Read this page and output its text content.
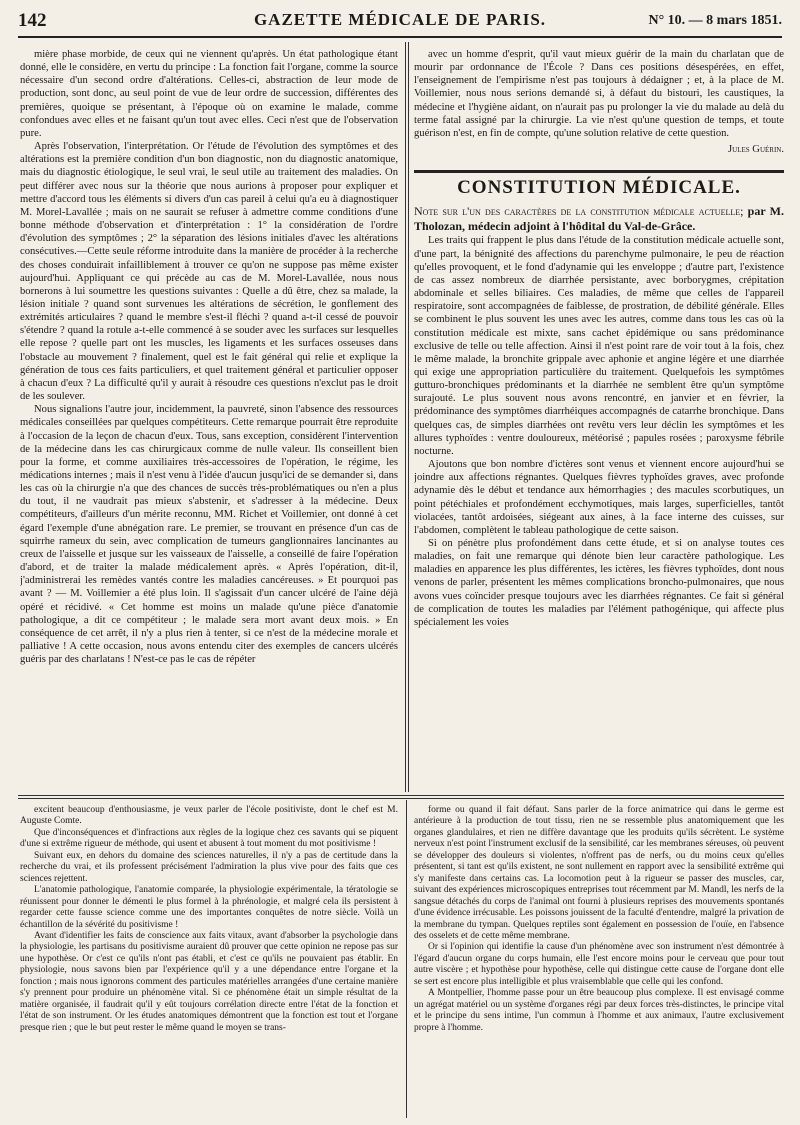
142	GAZETTE MÉDICALE DE PARIS.	N° 10. — 8 mars 1851.

mière phase morbide, de ceux qui ne viennent qu'après. Un état pathologique étant donné, elle le considère, en vertu du principe : La fonction fait l'organe, comme la source nécessaire d'un second ordre d'altérations. Celles-ci, abstraction de leur mode de production, sont donc, au seul point de vue de leur ordre de succession, différentes des premières, quoique se présentant, à l'époque où on examine le malade, comme confondues avec elles et ne faisant qu'un tout avec elles. Ceci n'est que de l'observation pure.

Après l'observation, l'interprétation. Or l'étude de l'évolution des symptômes et des altérations est la première condition d'un bon diagnostic, non du diagnostic anatomique, mais du diagnostic étiologique, le seul vrai, le seul utile au traitement des maladies. On peut différer avec nous sur la théorie que nous aurions à proposer pour expliquer et mettre d'accord tous les éléments si divers d'un cas pareil à celui qu'a eu à diagnostiquer M. Morel-Lavallée ; mais on ne saurait se refuser à admettre comme conditions d'une bonne méthode d'observation et d'interprétation : 1° la considération de l'ordre d'évolution des symptômes ; 2° la séparation des lésions initiales d'avec les altérations consécutives.—Cette seule réforme introduite dans la manière de procéder à la recherche des choses conduirait infailliblement à trouver ce qu'on ne suppose pas même exister aujourd'hui. Appliquant ce qui précède au cas de M. Morel-Lavallée, nous nous bornerons à lui soumettre les questions suivantes : Quelle a dû être, chez sa malade, la lésion initiale ? quand sont survenues les altérations de sécrétion, le gonflement des extrémités articulaires ? quand le membre s'est-il fléchi ? quand a-t-il cessé de pouvoir s'étendre ? quand la rotule a-t-elle commencé à se souder avec les surfaces sur lesquelles elle repose ? quelle part ont les muscles, les ligaments et les surfaces osseuses dans l'obstacle au mouvement ? finalement, quel est le fait général qui relie et explique la génération de tous ces faits particuliers, et quel traitement général et particulier opposer à chacun d'eux ? La difficulté qu'il y aurait à résoudre ces questions n'exclut pas le droit de les soulever.

Nous signalions l'autre jour, incidemment, la pauvreté, sinon l'absence des ressources médicales conseillées par quelques compétiteurs. Cette remarque pourrait être reproduite à l'occasion de la leçon de chacun d'eux. Tous, sans exception, considèrent l'intervention de la médecine dans les cas chirurgicaux comme de nulle valeur. Ils conseillent bien pour la forme, et comme auxiliaires très-accessoires de l'opération, le régime, les médications internes ; mais il n'est venu à l'idée d'aucun jusqu'ici de se demander si, dans les cas où la chirurgie n'a que des chances de succès très-problématiques ou n'en a plus du tout, il ne vaudrait pas mieux s'abstenir, et s'adresser à la médecine. Deux compétiteurs, d'ailleurs d'un mérite reconnu, MM. Richet et Voillemier, ont donné à cet égard l'exemple d'une abnégation rare. Le premier, se trouvant en présence d'un cas de squirrhe rameux du sein, avec complication de tumeurs ganglionnaires lancinantes au creux de l'aisselle et jusque sur les vaisseaux de l'aisselle, a conseillé de faire l'opération d'abord, et de traiter la malade médicalement après. « Après l'opération, dit-il, j'administrerai les remèdes vantés contre les maladies cancéreuses. » Et pourquoi pas avant ? — M. Voillemier a été plus loin. Il s'agissait d'un cancer ulcéré de l'aine déjà opéré et récidivé. « Cet homme est moins un malade qu'une pièce d'anatomie pathologique, a dit ce compétiteur ; le malade sera mort avant deux mois. » En conséquence de cet arrêt, il n'y a plus rien à tenter, si ce n'est de la médecine morale et palliative ! A cette occasion, nous avons entendu citer des exemples de cancers ulcérés guéris par des charlatans ! N'est-ce pas le cas de répéter

avec un homme d'esprit, qu'il vaut mieux guérir de la main du charlatan que de mourir par ordonnance de l'École ? Dans ces positions désespérées, en effet, l'enseignement de l'empirisme n'est pas toujours à dédaigner ; et, à la place de M. Voillemier, nous nous serions demandé si, à défaut du bistouri, les caustiques, la médecine et l'hygiène aidant, on n'aurait pas pu prolonger la vie du malade au delà du terme fatal assigné par la chirurgie. La vie n'est qu'une question de temps, et toute guérison n'est, en fin de compte, qu'une solution relative de cette question.

Jules Guérin.
CONSTITUTION MÉDICALE.

Note sur l'un des caractères de la constitution médicale actuelle; par M. Tholozan, médecin adjoint à l'hôdital du Val-de-Grâce.

Les traits qui frappent le plus dans l'étude de la constitution médicale actuelle sont, d'une part, la bénignité des affections du parenchyme pulmonaire, le peu de réaction qu'elles provoquent, et le fond d'adynamie qui les enveloppe ; d'autre part, l'existence de cas assez nombreux de diarrhée persistante, avec borborygmes, crépitation abdominale et selles biliaires. Ces maladies, de même que celles de l'appareil respiratoire, sont accompagnées de faiblesse, de prostration, de débilité générale. Elles se combinent le plus souvent les unes avec les autres, comme dans tous les cas où la constitution médicale est mixte, sans cachet épidémique ou sans prédominance exclusive de telle ou telle affection. Ainsi il n'est point rare de voir tout à la fois, chez le même malade, la bronchite grippale avec aphonie et angine légère et une diarrhée qui exige une appropriation particulière du traitement. Quelquefois les symptômes gutturo-bronchiques prédominants et la diarrhée ne semblent être qu'un symptôme surajouté. Le plus souvent nous avons rencontré, en janvier et en février, la prédominance des symptômes diarrhéiques accompagnés de catarrhe bronchique. Dans quelques cas, de simples diarrhées ont revêtu vers leur déclin les symptômes et les allures typhoïdes : ventre douloureux, météorisé ; papules rosées ; paroxysme fébrile nocturne.

Ajoutons que bon nombre d'ictères sont venus et viennent encore aujourd'hui se joindre aux affections régnantes. Quelques fièvres typhoïdes graves, avec profonde adynamie dès le début et tendance aux hémorrhagies ; des macules scorbutiques, un point pétéchiales et profondément ecchymotiques, mais larges, superficielles, tantôt violacées, tantôt ardoisées, siégeant aux aines, à la face interne des cuisses, sur l'abdomen, complètent le tableau pathologique de cette saison.

Si on pénètre plus profondément dans cette étude, et si on analyse toutes ces maladies, on fait une remarque qui dénote bien leur caractère pathologique. Les maladies en apparence les plus différentes, les ictères, les fièvres typhoïdes, dont nous venons de parler, présentent les mêmes complications broncho-pulmonaires, que nous avons vues coïncider presque toujours avec les diarrhées régnantes. Ce fait si général de complication de toutes les maladies par l'élément pathogénique, qui affecte plus spécialement les voies

excitent beaucoup d'enthousiasme, je veux parler de l'école positiviste, dont le chef est M. Auguste Comte.

Que d'inconséquences et d'infractions aux règles de la logique chez ces savants qui se piquent d'une si extrême rigueur de méthode, qui usent et abusent à tout moment du mot positivisme !

Suivant eux, en dehors du domaine des sciences naturelles, il n'y a pas de certitude dans la recherche du vrai, et ils professent précisément l'admiration la plus vive pour des faits que ces sciences rejettent.

L'anatomie pathologique, l'anatomie comparée, la physiologie expérimentale, la tératologie se réunissent pour donner le démenti le plus formel à la phrénologie, et malgré cela ils persistent à regarder cette fausse science comme une des importantes conquêtes de notre siècle. Voilà un échantillon de la sévérité du positivisme !

Avant d'identifier les faits de conscience aux faits vitaux, avant d'absorber la psychologie dans la physiologie, les partisans du positivisme auraient dû prouver que cette opinion ne repose pas sur une hypothèse. Or c'est ce qu'ils n'ont pas établi, et c'est ce qu'ils ne pouvaient pas établir. En physiologie, nous savons bien par l'expérience qu'il y a une dépendance entre l'organe et la fonction ; mais nous ignorons comment des particules matérielles arrangées d'une certaine manière s'y prennent pour produire un phénomène vital. Si ce phénomène était un simple résultat de la matière organisée, il faudrait qu'il y eût toujours corrélation directe entre l'état de la fonction et l'état de son instrument. Or les études anatomiques démontrent que la fonction est tout et l'organe presque rien ; que le but peut rester le même quand le moyen se trans-

forme ou quand il fait défaut. Sans parler de la force animatrice qui dans le germe est antérieure à la production de tout tissu, rien ne se ressemble plus anatomiquement que les organes glandulaires, et rien ne diffère davantage que les produits qu'ils sécrètent. Le système nerveux n'est point l'instrument exclusif de la sensibilité, car les membranes séreuses, où peuvent se développer des douleurs si violentes, n'offrent pas de nerfs, ou du moins ceux qu'elles présentent, si tant est qu'ils existent, ne sont nullement en rapport avec la sensibilité extrême qui s'y manifeste dans certains cas. La locomotion peut à la rigueur se passer des muscles, car, suivant des expériences microscopiques entreprises tout récemment par M. Mandl, les nerfs de la sangsue détachés du corps de l'animal ont fourni à plusieurs reprises des mouvements spontanés d'une évidence irrécusable. Les poissons jouissent de la faculté d'entendre, malgré la privation de la membrane du tympan. Quelques reptiles sont également en possession de l'ouïe, en l'absence des osselets et de cette même membrane.

Or si l'opinion qui identifie la cause d'un phénomène avec son instrument n'est démontrée à l'égard d'aucun organe du corps humain, elle l'est encore moins pour le cerveau que pour tout autre viscère ; et hypothèse pour hypothèse, celle qui distingue cette cause de l'organe dont elle se sert est encore plus intelligible et plus vraisemblable que celle qui les confond.

A Montpellier, l'homme passe pour un être beaucoup plus complexe. Il est envisagé comme un agrégat matériel ou un système d'organes régi par deux forces très-distinctes, le principe vital et le principe du sens intime, l'un commun à l'homme et aux animaux, l'autre exclusivement propre à l'homme.
